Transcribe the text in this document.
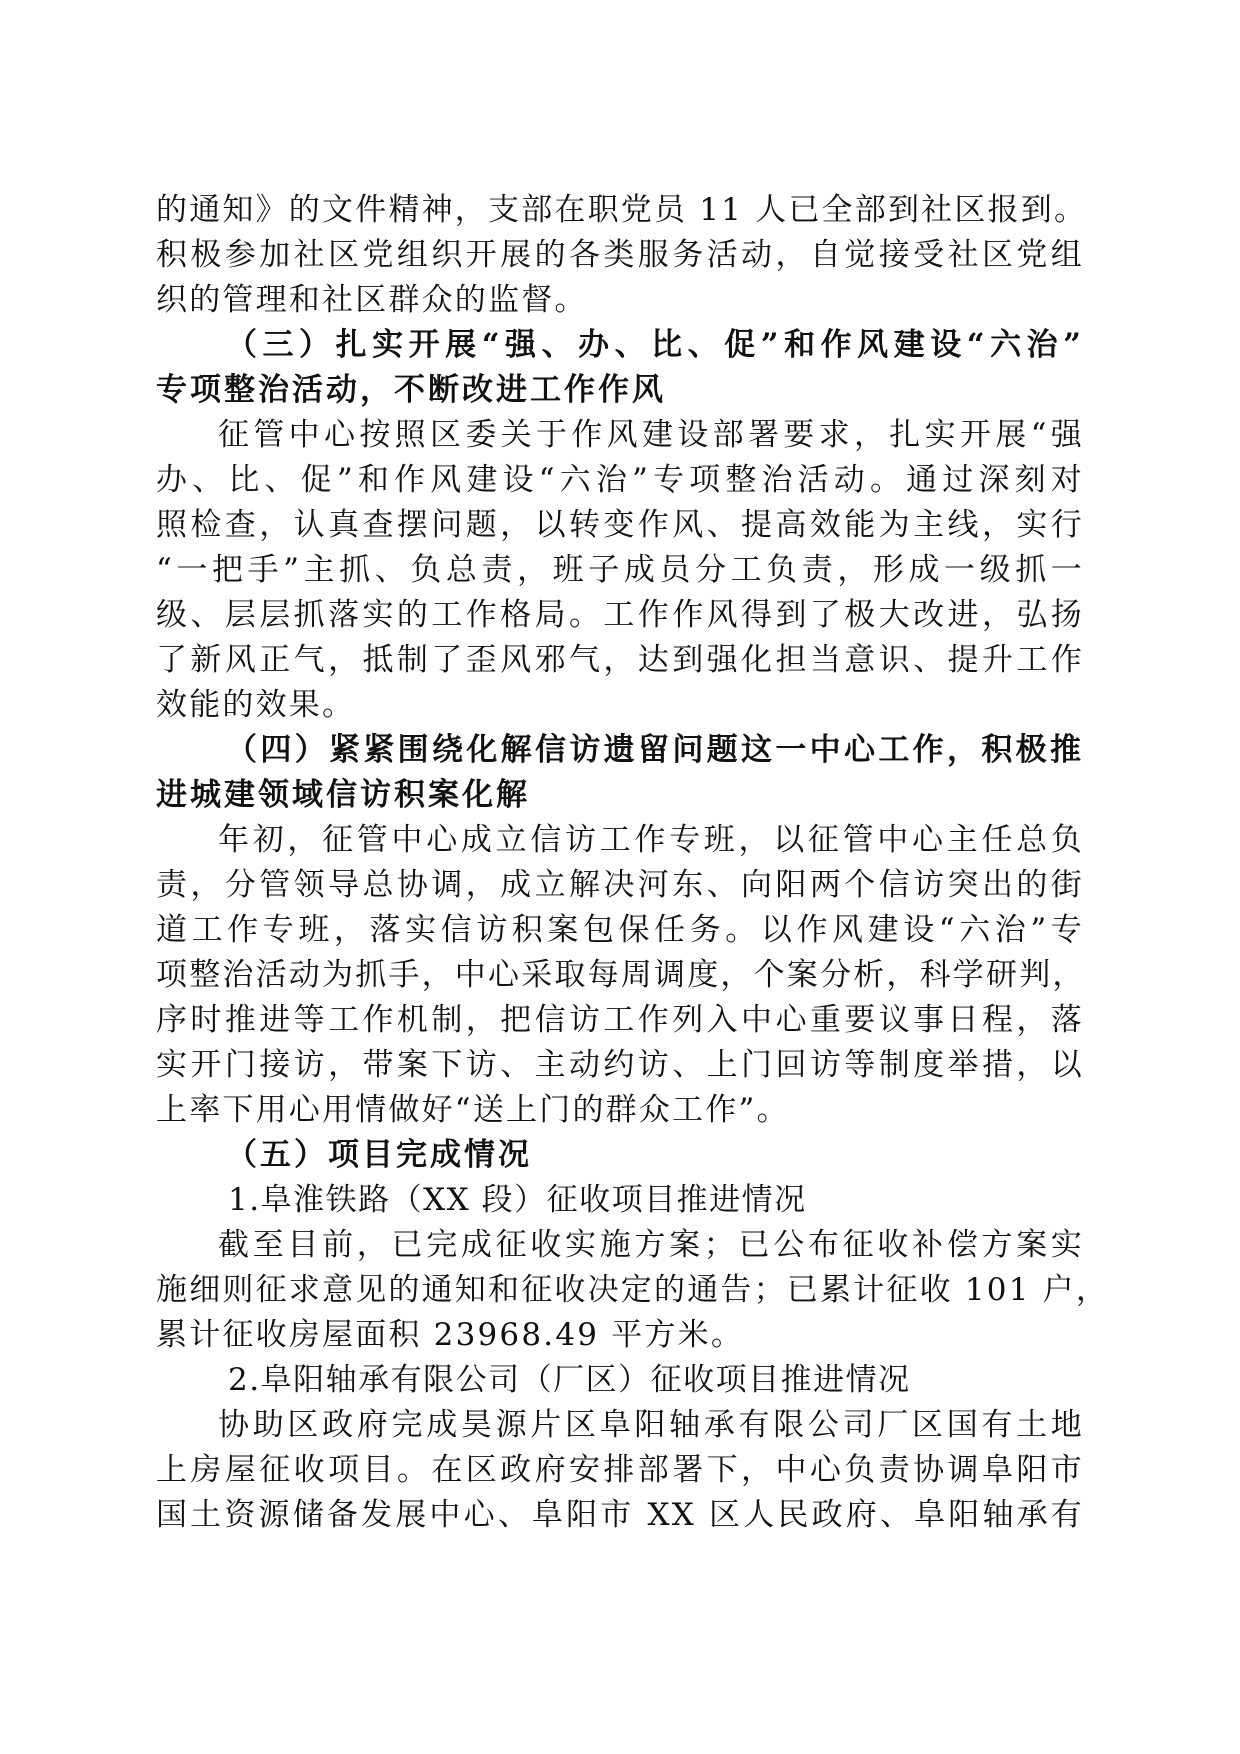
的通知》的文件精神，支部在职党员 11 人已全部到社区报到。
积极参加社区党组织开展的各类服务活动，自觉接受社区党组
织的管理和社区群众的监督。
（三）扎实开展“强、办、比、促”和作风建设“六治”
专项整治活动，不断改进工作作风
征管中心按照区委关于作风建设部署要求，扎实开展“强
办、比、促”和作风建设“六治”专项整治活动。通过深刻对
照检查，认真查摆问题，以转变作风、提高效能为主线，实行
“一把手”主抓、负总责，班子成员分工负责，形成一级抓一
级、层层抓落实的工作格局。工作作风得到了极大改进，弘扬
了新风正气，抵制了歪风邪气，达到强化担当意识、提升工作
效能的效果。
（四）紧紧围绕化解信访遗留问题这一中心工作，积极推
进城建领域信访积案化解
年初，征管中心成立信访工作专班，以征管中心主任总负
责，分管领导总协调，成立解决河东、向阳两个信访突出的街
道工作专班，落实信访积案包保任务。以作风建设“六治”专
项整治活动为抓手，中心采取每周调度，个案分析，科学研判，
序时推进等工作机制，把信访工作列入中心重要议事日程，落
实开门接访，带案下访、主动约访、上门回访等制度举措，以
上率下用心用情做好“送上门的群众工作”。
（五）项目完成情况
1.阜淮铁路（XX 段）征收项目推进情况
截至目前，已完成征收实施方案；已公布征收补偿方案实
施细则征求意见的通知和征收决定的通告；已累计征收 101 户，
累计征收房屋面积 23968.49 平方米。
2.阜阳轴承有限公司（厂区）征收项目推进情况
协助区政府完成昊源片区阜阳轴承有限公司厂区国有土地
上房屋征收项目。在区政府安排部署下，中心负责协调阜阳市
国土资源储备发展中心、阜阳市 XX 区人民政府、阜阳轴承有
